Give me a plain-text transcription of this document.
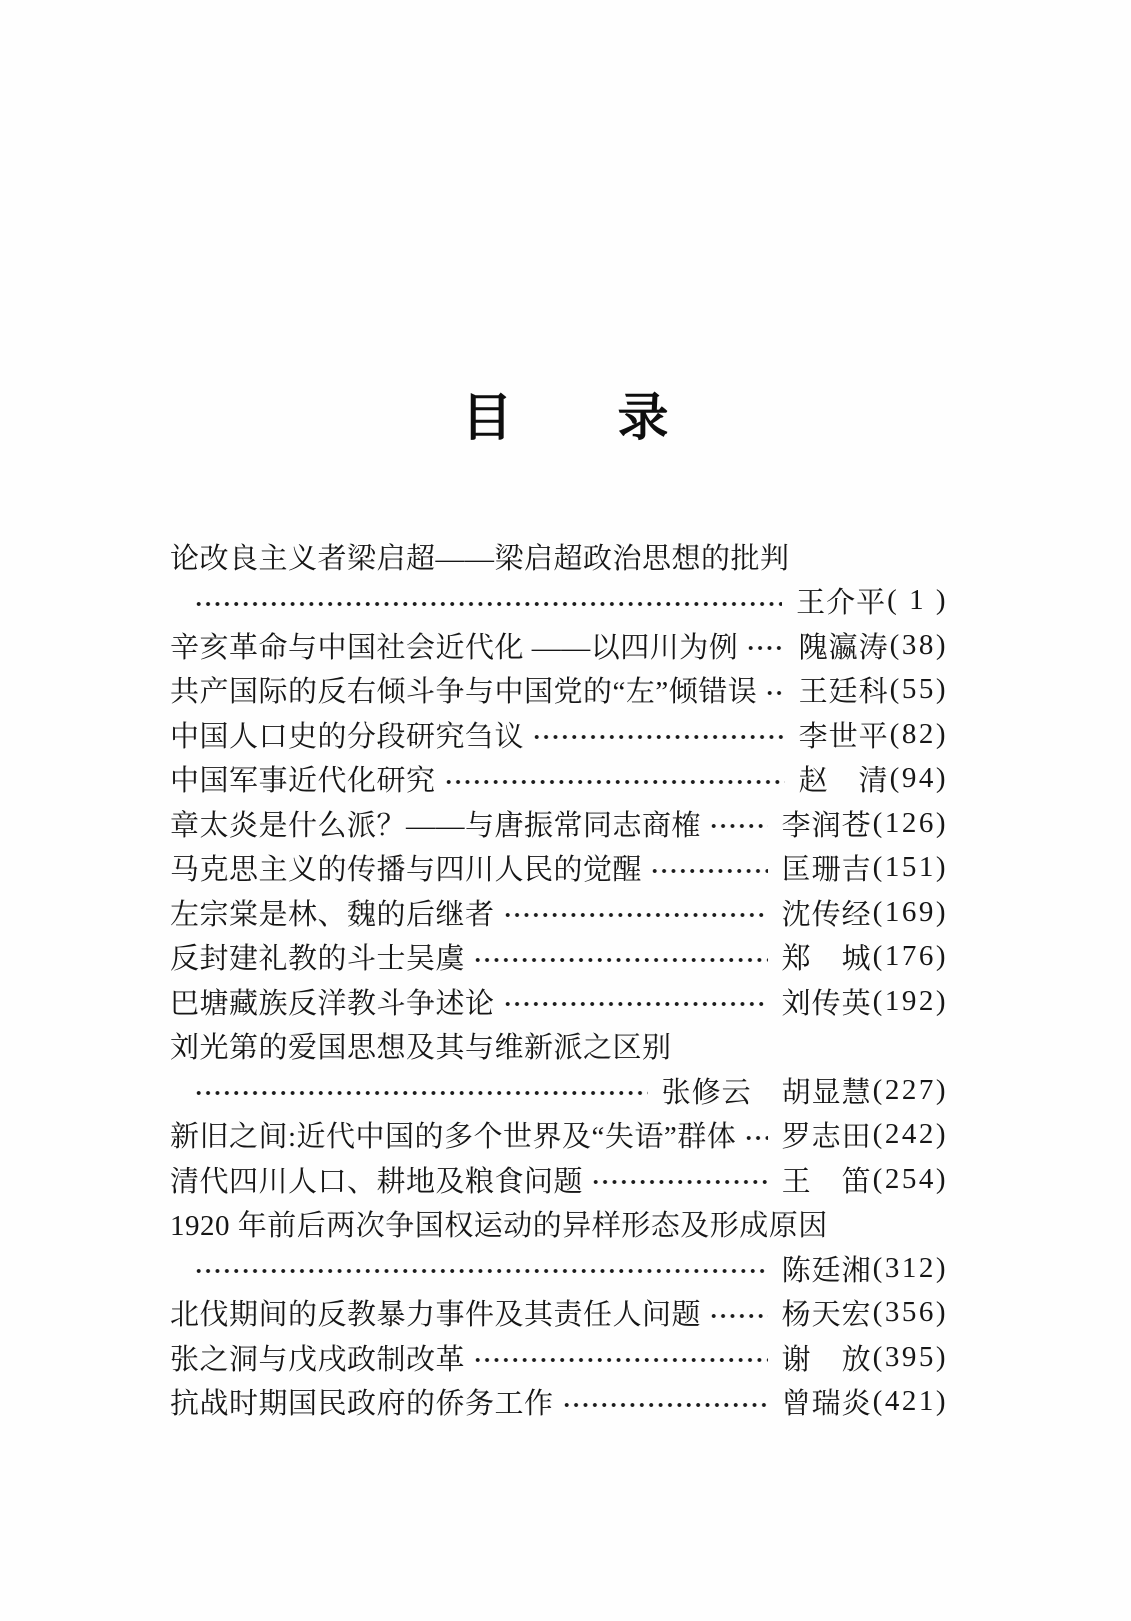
目　　录
论改良主义者梁启超——梁启超政治思想的批判
王介平 ( 1 )
辛亥革命与中国社会近代化 ——以四川为例 隗瀛涛 (38)
共产国际的反右倾斗争与中国党的“左”倾错误 王廷科 (55)
中国人口史的分段研究刍议	李世平 (82)
中国军事近代化研究	赵　清 (94)
章太炎是什么派？——与唐振常同志商榷	李润苍 (126)
马克思主义的传播与四川人民的觉醒	匡珊吉 (151)
左宗棠是林、魏的后继者	沈传经 (169)
反封建礼教的斗士吴虞	郑　城 (176)
巴塘藏族反洋教斗争述论	刘传英 (192)
刘光第的爱国思想及其与维新派之区别
张修云　胡显慧 (227)
新旧之间:近代中国的多个世界及“失语”群体 罗志田 (242)
清代四川人口、耕地及粮食问题	王　笛 (254)
1920 年前后两次争国权运动的异样形态及形成原因
陈廷湘 (312)
北伐期间的反教暴力事件及其责任人问题	杨天宏 (356)
张之洞与戊戌政制改革	谢　放 (395)
抗战时期国民政府的侨务工作	曾瑞炎 (421)
